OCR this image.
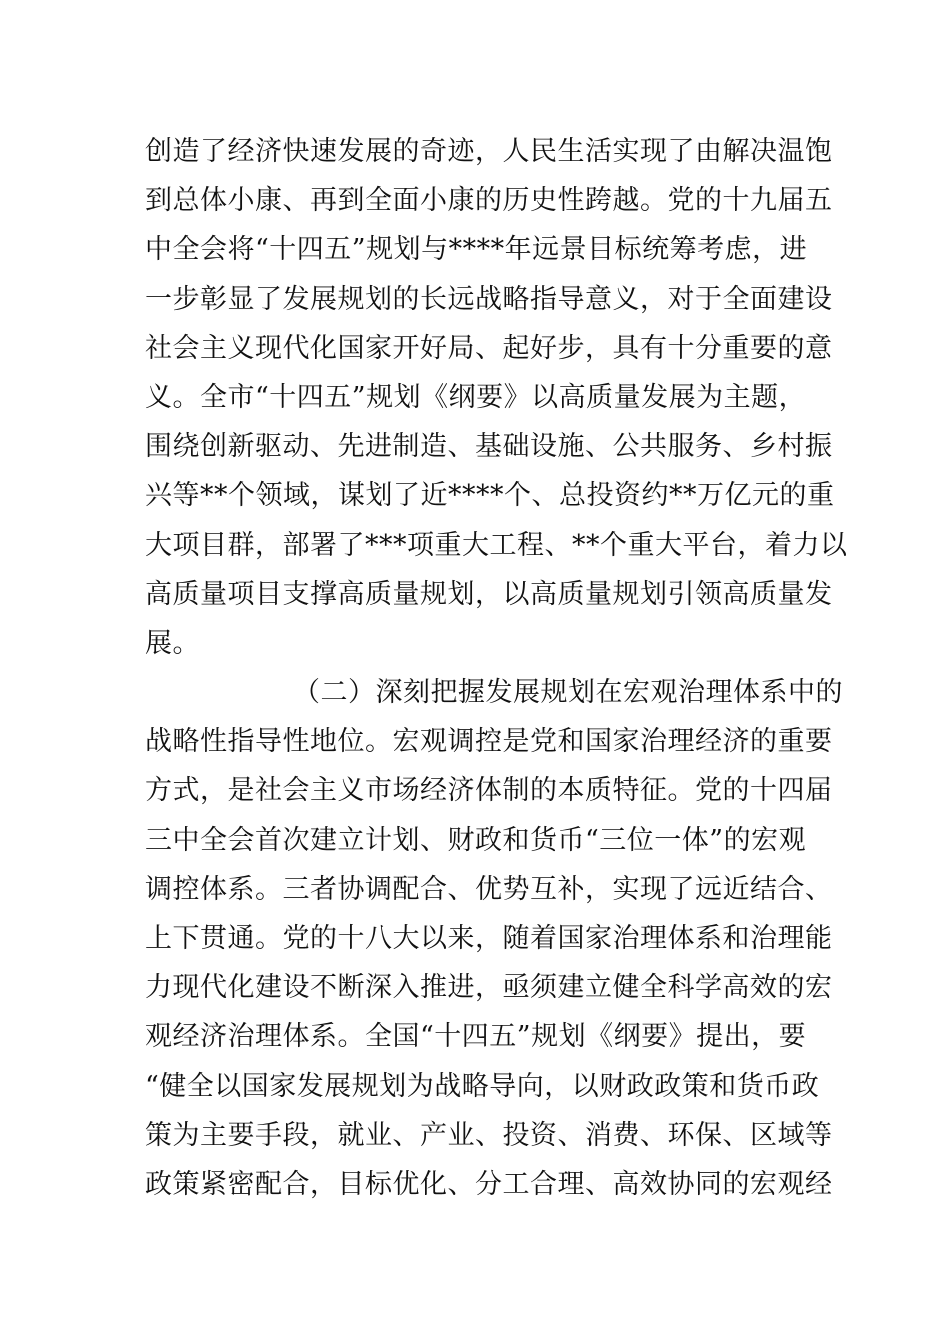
创造了经济快速发展的奇迹，人民生活实现了由解决温饱
到总体小康、再到全面小康的历史性跨越。党的十九届五
中全会将“十四五”规划与****年远景目标统筹考虑，进
一步彰显了发展规划的长远战略指导意义，对于全面建设
社会主义现代化国家开好局、起好步，具有十分重要的意
义。全市“十四五”规划《纲要》以高质量发展为主题，
围绕创新驱动、先进制造、基础设施、公共服务、乡村振
兴等**个领域，谋划了近****个、总投资约**万亿元的重
大项目群，部署了***项重大工程、**个重大平台，着力以
高质量项目支撑高质量规划，以高质量规划引领高质量发
展。
（二）深刻把握发展规划在宏观治理体系中的
战略性指导性地位。宏观调控是党和国家治理经济的重要
方式，是社会主义市场经济体制的本质特征。党的十四届
三中全会首次建立计划、财政和货币“三位一体”的宏观
调控体系。三者协调配合、优势互补，实现了远近结合、
上下贯通。党的十八大以来，随着国家治理体系和治理能
力现代化建设不断深入推进，亟须建立健全科学高效的宏
观经济治理体系。全国“十四五”规划《纲要》提出，要
“健全以国家发展规划为战略导向，以财政政策和货币政
策为主要手段，就业、产业、投资、消费、环保、区域等
政策紧密配合，目标优化、分工合理、高效协同的宏观经
